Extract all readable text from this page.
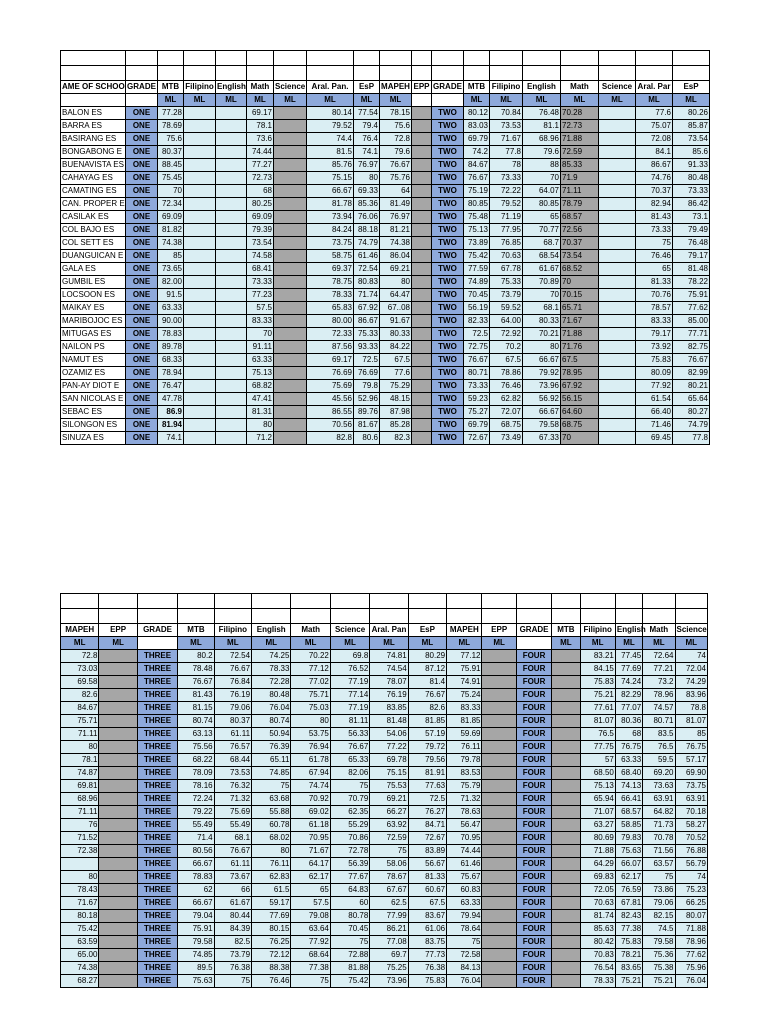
AME OF SCHOO	GRADE	MTB	Filipino	English	Math	Science	Aral. Pan.	EsP	MAPEH	EPP	GRADE	MTB	Filipino	English	Math	Science	Aral. Par	EsP
		ML	ML	ML	ML	ML	ML	ML	ML			ML	ML	ML	ML	ML	ML	ML
BALON ES	ONE	77.28			69.17		80.14	77.54	78.15		TWO	80.12	70.84	76.48	70.28		77.6	80.26
BARRA ES	ONE	78.69			78.1		79.52	79.4	75.6		TWO	83.03	73.53	81.1	72.73		75.07	85.87
BASIRANG ES	ONE	75.6			73.6		74.4	76.4	72.8		TWO	69.79	71.67	68.96	71.88		72.08	73.54
BONGABONG E	ONE	80.37			74.44		81.5	74.1	79.6		TWO	74.2	77.8	79.6	72.59		84.1	85.6
BUENAVISTA ES	ONE	88.45			77.27		85.76	76.97	76.67		TWO	84.67	78	88	85.33		86.67	91.33
CAHAYAG ES	ONE	75.45			72.73		75.15	80	75.76		TWO	76.67	73.33	70	71.9		74.76	80.48
CAMATING ES	ONE	70			68		66.67	69.33	64		TWO	75.19	72.22	64.07	71.11		70.37	73.33
CAN. PROPER E	ONE	72.34			80.25		81.78	85.36	81.49		TWO	80.85	79.52	80.85	78.79		82.94	86.42
CASILAK ES	ONE	69.09			69.09		73.94	76.06	76.97		TWO	75.48	71.19	65	68.57		81.43	73.1
COL BAJO ES	ONE	81.82			79.39		84.24	88.18	81.21		TWO	75.13	77.95	70.77	72.56		73.33	79.49
COL SETT ES	ONE	74.38			73.54		73.75	74.79	74.38		TWO	73.89	76.85	68.7	70.37		75	76.48
DUANGUICAN E	ONE	85			74.58		58.75	61.46	86.04		TWO	75.42	70.63	68.54	73.54		76.46	79.17
GALA ES	ONE	73.65			68.41		69.37	72.54	69.21		TWO	77.59	67.78	61.67	68.52		65	81.48
GUMBIL ES	ONE	82.00			73.33		78.75	80.83	80		TWO	74.89	75.33	70.89	70		81.33	78.22
LOCSOON ES	ONE	91.5			77.23		78.33	71.74	64.47		TWO	70.45	73.79	70	70.15		70.76	75.91
MAIKAY ES	ONE	63.33			57.5		65.83	67.92	67..08		TWO	56.19	59.52	68.1	65.71		78.57	77.62
MARIBOJOC ES	ONE	90.00			83.33		80.00	86.67	91.67		TWO	82.33	64.00	80.33	71.67		83.33	85.00
MITUGAS ES	ONE	78.83			70		72.33	75.33	80.33		TWO	72.5	72.92	70.21	71.88		79.17	77.71
NAILON PS	ONE	89.78			91.11		87.56	93.33	84.22		TWO	72.75	70.2	80	71.76		73.92	82.75
NAMUT ES	ONE	68.33			63.33		69.17	72.5	67.5		TWO	76.67	67.5	66.67	67.5		75.83	76.67
OZAMIZ ES	ONE	78.94			75.13		76.69	76.69	77.6		TWO	80.71	78.86	79.92	78.95		80.09	82.99
PAN-AY DIOT E	ONE	76.47			68.82		75.69	79.8	75.29		TWO	73.33	76.46	73.96	67.92		77.92	80.21
SAN NICOLAS E	ONE	47.78			47.41		45.56	52.96	48.15		TWO	59.23	62.82	56.92	56.15		61.54	65.64
SEBAC ES	ONE	86.9			81.31		86.55	89.76	87.98		TWO	75.27	72.07	66.67	64.60		66.40	80.27
SILONGON ES	ONE	81.94			80		70.56	81.67	85.28		TWO	69.79	68.75	79.58	68.75		71.46	74.79
SINUZA ES	ONE	74.1			71.2		82.8	80.6	82.3		TWO	72.67	73.49	67.33	70		69.45	77.8

MAPEH	EPP	GRADE	MTB	Filipino	English	Math	Science	Aral. Pan	EsP	MAPEH	EPP	GRADE	MTB	Filipino	English	Math	Science
ML	ML		ML	ML	ML	ML	ML	ML	ML	ML	ML		ML	ML	ML	ML	ML
72.8		THREE	80.2	72.54	74.25	70.22	69.8	74.81	80.29	77.12		FOUR		83.21	77.45	72.64	74
73.03		THREE	78.48	76.67	78.33	77.12	76.52	74.54	87.12	75.91		FOUR		84.15	77.69	77.21	72.04
69.58		THREE	76.67	76.84	72.28	77.02	77.19	78.07	81.4	74.91		FOUR		75.83	74.24	73.2	74.29
82.6		THREE	81.43	76.19	80.48	75.71	77.14	76.19	76.67	75.24		FOUR		75.21	82.29	78.96	83.96
84.67		THREE	81.15	79.06	76.04	75.03	77.19	83.85	82.6	83.33		FOUR		77.61	77.07	74.57	78.8
75.71		THREE	80.74	80.37	80.74	80	81.11	81.48	81.85	81.85		FOUR		81.07	80.36	80.71	81.07
71.11		THREE	63.13	61.11	50.94	53.75	56.33	54.06	57.19	59.69		FOUR		76.5	68	83.5	85
80		THREE	75.56	76.57	76.39	76.94	76.67	77.22	79.72	76.11		FOUR		77.75	76.75	76.5	76.75
78.1		THREE	68.22	68.44	65.11	61.78	65.33	69.78	79.56	79.78		FOUR		57	63.33	59.5	57.17
74.87		THREE	78.09	73.53	74.85	67.94	82.06	75.15	81.91	83.53		FOUR		68.50	68.40	69.20	69.90
69.81		THREE	78.16	76.32	75	74.74	75	75.53	77.63	75.79		FOUR		75.13	74.13	73.63	73.75
68.96		THREE	72.24	71.32	63.68	70.92	70.79	69.21	72.5	71.32		FOUR		65.94	66.41	63.91	63.91
71.11		THREE	79.22	75.69	55.88	69.02	62.35	66.27	76.27	78.63		FOUR		71.07	68.57	64.82	70.18
76		THREE	55.49	55.49	60.78	61.18	55.29	63.92	84.71	56.47		FOUR		63.27	58.85	71.73	58.27
71.52		THREE	71.4	68.1	68.02	70.95	70.86	72.59	72.67	70.95		FOUR		80.69	79.83	70.78	70.52
72.38		THREE	80.56	76.67	80	71.67	72.78	75	83.89	74.44		FOUR		71.88	75.63	71.56	76.88
		THREE	66.67	61.11	76.11	64.17	56.39	58.06	56.67	61.46		FOUR		64.29	66.07	63.57	56.79
80		THREE	78.83	73.67	62.83	62.17	77.67	78.67	81.33	75.67		FOUR		69.83	62.17	75	74
78.43		THREE	62	66	61.5	65	64.83	67.67	60.67	60.83		FOUR		72.05	76.59	73.86	75.23
71.67		THREE	66.67	61.67	59.17	57.5	60	62.5	67.5	63.33		FOUR		70.63	67.81	79.06	66.25
80.18		THREE	79.04	80.44	77.69	79.08	80.78	77.99	83.67	79.94		FOUR		81.74	82.43	82.15	80.07
75.42		THREE	75.91	84.39	80.15	63.64	70.45	86.21	61.06	78.64		FOUR		85.63	77.38	74.5	71.88
63.59		THREE	79.58	82.5	76.25	77.92	75	77.08	83.75	75		FOUR		80.42	75.83	79.58	78.96
65.00		THREE	74.85	73.79	72.12	68.64	72.88	69.7	77.73	72.58		FOUR		70.83	78.21	75.36	77.62
74.38		THREE	89.5	76.38	88.38	77.38	81.88	75.25	76.38	84.13		FOUR		76.54	83.65	75.38	75.96
68.27		THREE	75.63	75	76.46	75	75.42	73.96	75.83	76.04		FOUR		78.33	75.21	75.21	76.04
